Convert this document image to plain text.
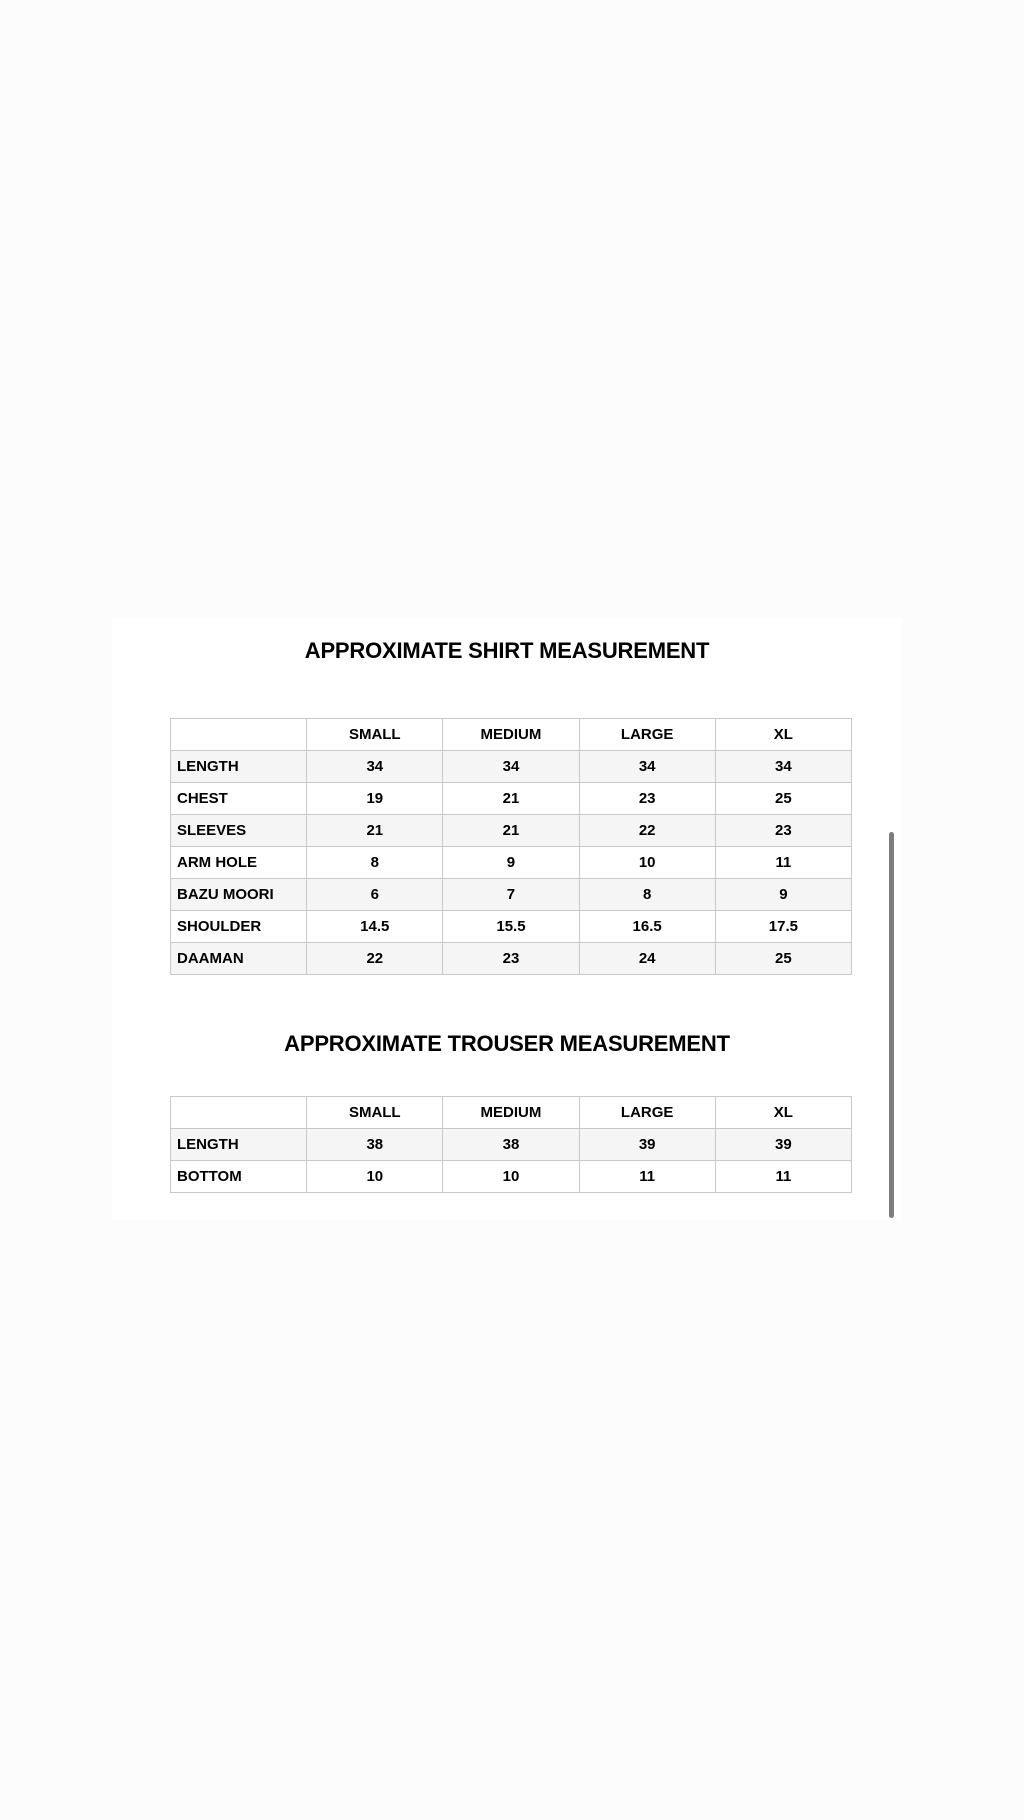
APPROXIMATE SHIRT MEASUREMENT
	SMALL	MEDIUM	LARGE	XL
LENGTH	34	34	34	34
CHEST	19	21	23	25
SLEEVES	21	21	22	23
ARM HOLE	8	9	10	11
BAZU MOORI	6	7	8	9
SHOULDER	14.5	15.5	16.5	17.5
DAAMAN	22	23	24	25
APPROXIMATE TROUSER MEASUREMENT
	SMALL	MEDIUM	LARGE	XL
LENGTH	38	38	39	39
BOTTOM	10	10	11	11
